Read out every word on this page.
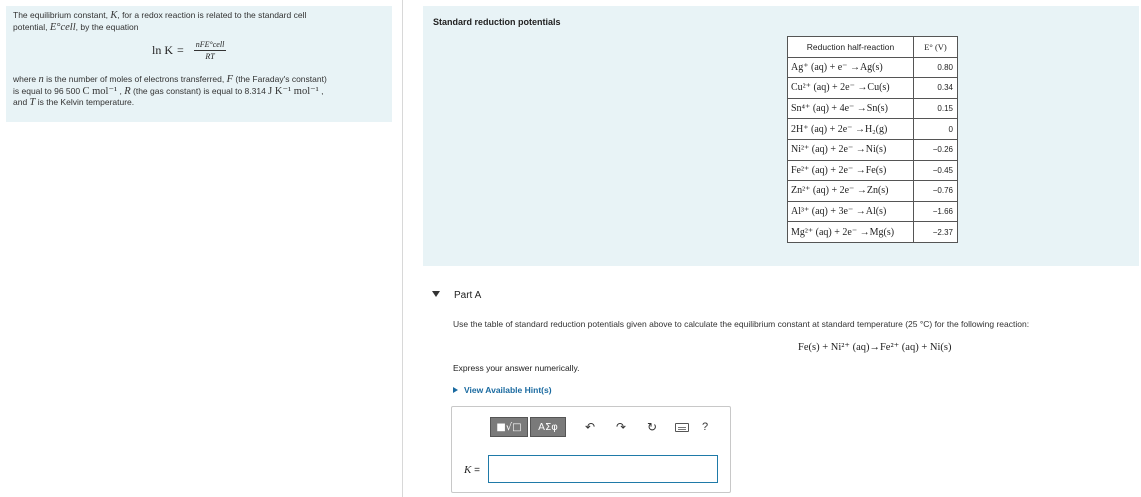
The equilibrium constant, K, for a redox reaction is related to the standard cell
potential, E°cell, by the equation
$\ln K = \frac{\text{nFE°cell}}{RT}$
where n is the number of moles of electrons transferred, F (the Faraday's constant)
is equal to 96 500 C mol⁻¹ , R (the gas constant) is equal to 8.314 J K⁻¹ mol⁻¹ ,
and T is the Kelvin temperature.
Standard reduction potentials
Reduction half-reaction	E° (V)
Ag⁺ (aq) + e⁻ →Ag(s)	0.80
Cu²⁺ (aq) + 2e⁻ →Cu(s)	0.34
Sn⁴⁺ (aq) + 4e⁻ →Sn(s)	0.15
2H⁺ (aq) + 2e⁻ →H₂(g)	0
Ni²⁺ (aq) + 2e⁻ →Ni(s)	−0.26
Fe²⁺ (aq) + 2e⁻ →Fe(s)	−0.45
Zn²⁺ (aq) + 2e⁻ →Zn(s)	−0.76
Al³⁺ (aq) + 3e⁻ →Al(s)	−1.66
Mg²⁺ (aq) + 2e⁻ →Mg(s)	−2.37
Part A
Use the table of standard reduction potentials given above to calculate the equilibrium constant at standard temperature (25 °C) for the following reaction:
Fe(s) + Ni²⁺ (aq)→Fe²⁺ (aq) + Ni(s)
Express your answer numerically.
View Available Hint(s)
■√□	ΑΣφ	↶ ↷ ↻	?
K =
